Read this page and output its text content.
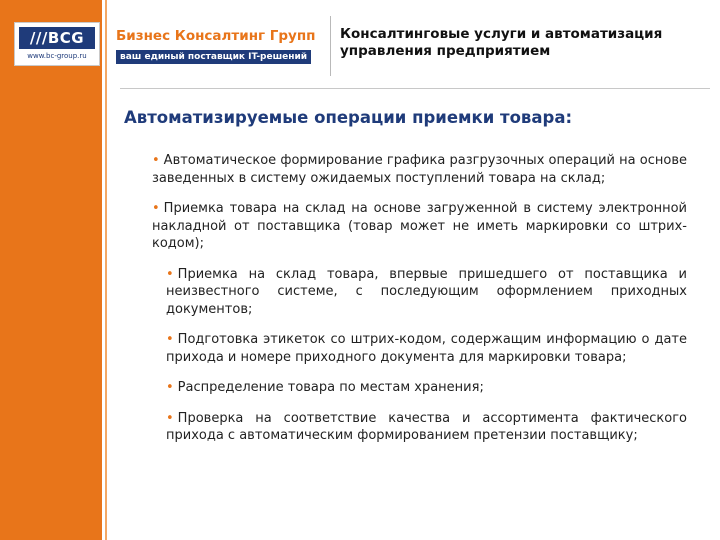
///BCG
www.bc-group.ru
Бизнес Консалтинг Групп
ваш единый поставщик IT-решений
Консалтинговые услуги и автоматизация управления предприятием
Автоматизируемые операции приемки товара:
• Автоматическое формирование графика разгрузочных операций на основе заведенных в систему ожидаемых поступлений товара на склад;
• Приемка товара на склад на основе загруженной в систему электронной накладной от поставщика (товар может не иметь маркировки со штрих-кодом);
• Приемка на склад товара, впервые пришедшего от поставщика и неизвестного системе, с последующим оформлением приходных документов;
• Подготовка этикеток со штрих-кодом, содержащим информацию о дате прихода и номере приходного документа для маркировки товара;
• Распределение товара по местам хранения;
• Проверка на соответствие качества и ассортимента фактического прихода с автоматическим формированием претензии поставщику;
